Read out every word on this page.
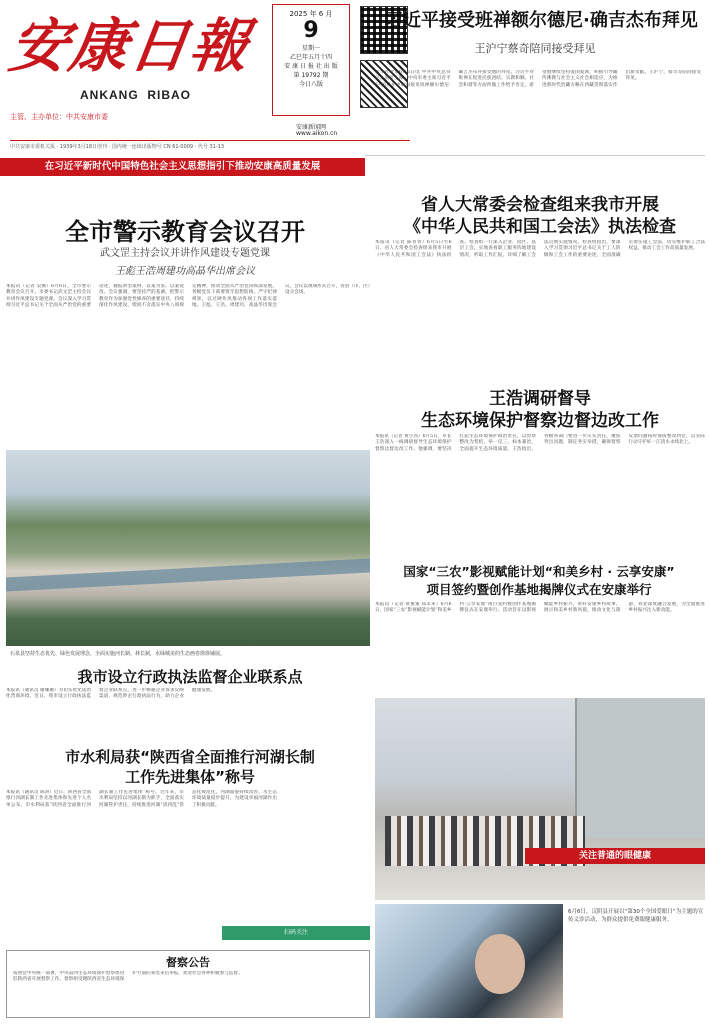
安康日報
ANKANG RIBAO
主管、主办单位：中共安康市委
2025 年 6 月
9
星期一
乙巳年五月十四
安 康 日 报 社 出 版
第 19792 期
今日八版
安康新闻网
www.aikon.cn
中共安康市委机关报 · 1939年3月18日创刊 · 国内统一连续出版物号 CN 61-0009 · 代号 31-13
习近平接受班禅额尔德尼·确吉杰布拜见
王沪宁蔡奇陪同接受拜见
新华社北京6月6日电 中共中央总书记、国家主席、中央军委主席习近平6月6日在中南海接见班禅额尔德尼·确吉杰布并接受他的拜见。习近平对班禅在促进民族团结、宗教和顺、社会和谐等方面所做工作给予肯定，希望他继续坚持爱国爱教，积极引导藏传佛教与社会主义社会相适应，为推进新时代治藏方略在西藏贯彻落实作出新贡献。王沪宁、蔡奇等陪同接受拜见。
在习近平新时代中国特色社会主义思想指引下推动安康高质量发展
全市警示教育会议召开
武文罡主持会议并讲作风建设专题党课
王彪王浩周建功高晶华出席会议
本报讯（记者 吴刚）6月6日，全市警示教育会议召开。市委书记武文罡主持会议并讲作风建设专题党课。会议深入学习贯彻习近平总书记关于全面从严治党的重要论述，通报典型案例，以案为鉴、以案促改。会议强调，要坚持严的基调，把警示教育作为加强党性修养的重要途径，持续深化作风建设，锲而不舍落实中央八项规定精神，推动全面从严治党向纵深发展。各级党员干部要筑牢思想防线，严守纪律规矩，以过硬作风推动各项工作落实落地。王彪、王浩、周建功、高晶华出席会议。会议以视频形式召开，各县（市、区）设分会场。
省人大常委会检查组来我市开展
《中华人民共和国工会法》执法检查
本报讯（记者 陈青青）6月5日至6日，省人大常委会检查组来我市开展《中华人民共和国工会法》执法检查。检查组一行深入企业、园区、基层工会，实地查看职工服务阵地建设情况，听取工作汇报，详细了解工会法贯彻实施情况。检查组指出，要深入学习贯彻习近平总书记关于工人阶级和工会工作的重要论述，全面准确贯彻实施工会法，切实维护职工合法权益，推动工会工作高质量发展。
王浩调研督导
生态环境保护督察边督边改工作
本报讯（记者 黄小茜）6月5日，市长王浩深入一线调研督导生态环境保护督察边督边改工作。他强调，要坚决扛起生态环境保护政治责任，以督察整改为契机，举一反三、标本兼治，全面提升生态环境质量。王浩指出，各级各部门要进一步压实责任，聚焦突出问题，制定务实举措，确保督察反馈问题按时保质整改到位，以实际行动守护好一江清水永续北上。
石泉县坚持生态优先、绿色发展理念，全面实施河长制、林长制，水绿城美的生态画卷徐徐铺展。
国家“三农”影视赋能计划“和美乡村 · 云享安康”
项目签约暨创作基地揭牌仪式在安康举行
本报讯（记者 黄蜜蜜 郑未来）6月6日，国家“三农”影视赋能计划“和美乡村·云享安康”项目签约暨创作基地揭牌仪式在安康举行。活动旨在以影视赋能乡村振兴，讲好安康乡村故事，展示和美乡村新风貌，推动文化与旅游、农业深度融合发展，为全面推进乡村振兴注入新动能。
我市设立行政执法监督企业联系点
本报讯（通讯员 谢珊珊）为切实优化法治化营商环境，近日，我市设立行政执法监督企业联系点，进一步畅通企业诉求反映渠道，规范涉企行政执法行为，助力企业健康发展。
市水利局获“陕西省全面推行河湖长制
工作先进集体”称号
本报讯（通讯员 陈涛）近日，陕西省全面推行河湖长制工作先进集体和先进个人名单公布，市水利局获“陕西省全面推行河湖长制工作先进集体”称号。近年来，市水利局坚持以河湖长制为抓手，全面落实河湖管护责任，持续推进河湖“清四乱”常态化规范化，河湖面貌持续改善，水生态环境质量稳步提升，为建设幸福河湖作出了积极贡献。
扫码关注
督察公告
按照党中央统一部署，中央第四生态环境保护督察组进驻陕西省开展督察工作。督察组受理陕西省生态环境保护方面的来电来信举报，欢迎社会各界积极参与监督。
关注普通的眼健康
6月6日，汉阴县开展以“第30个全国爱眼日”为主题的宣传义诊活动，为群众提供免费眼健康服务。
